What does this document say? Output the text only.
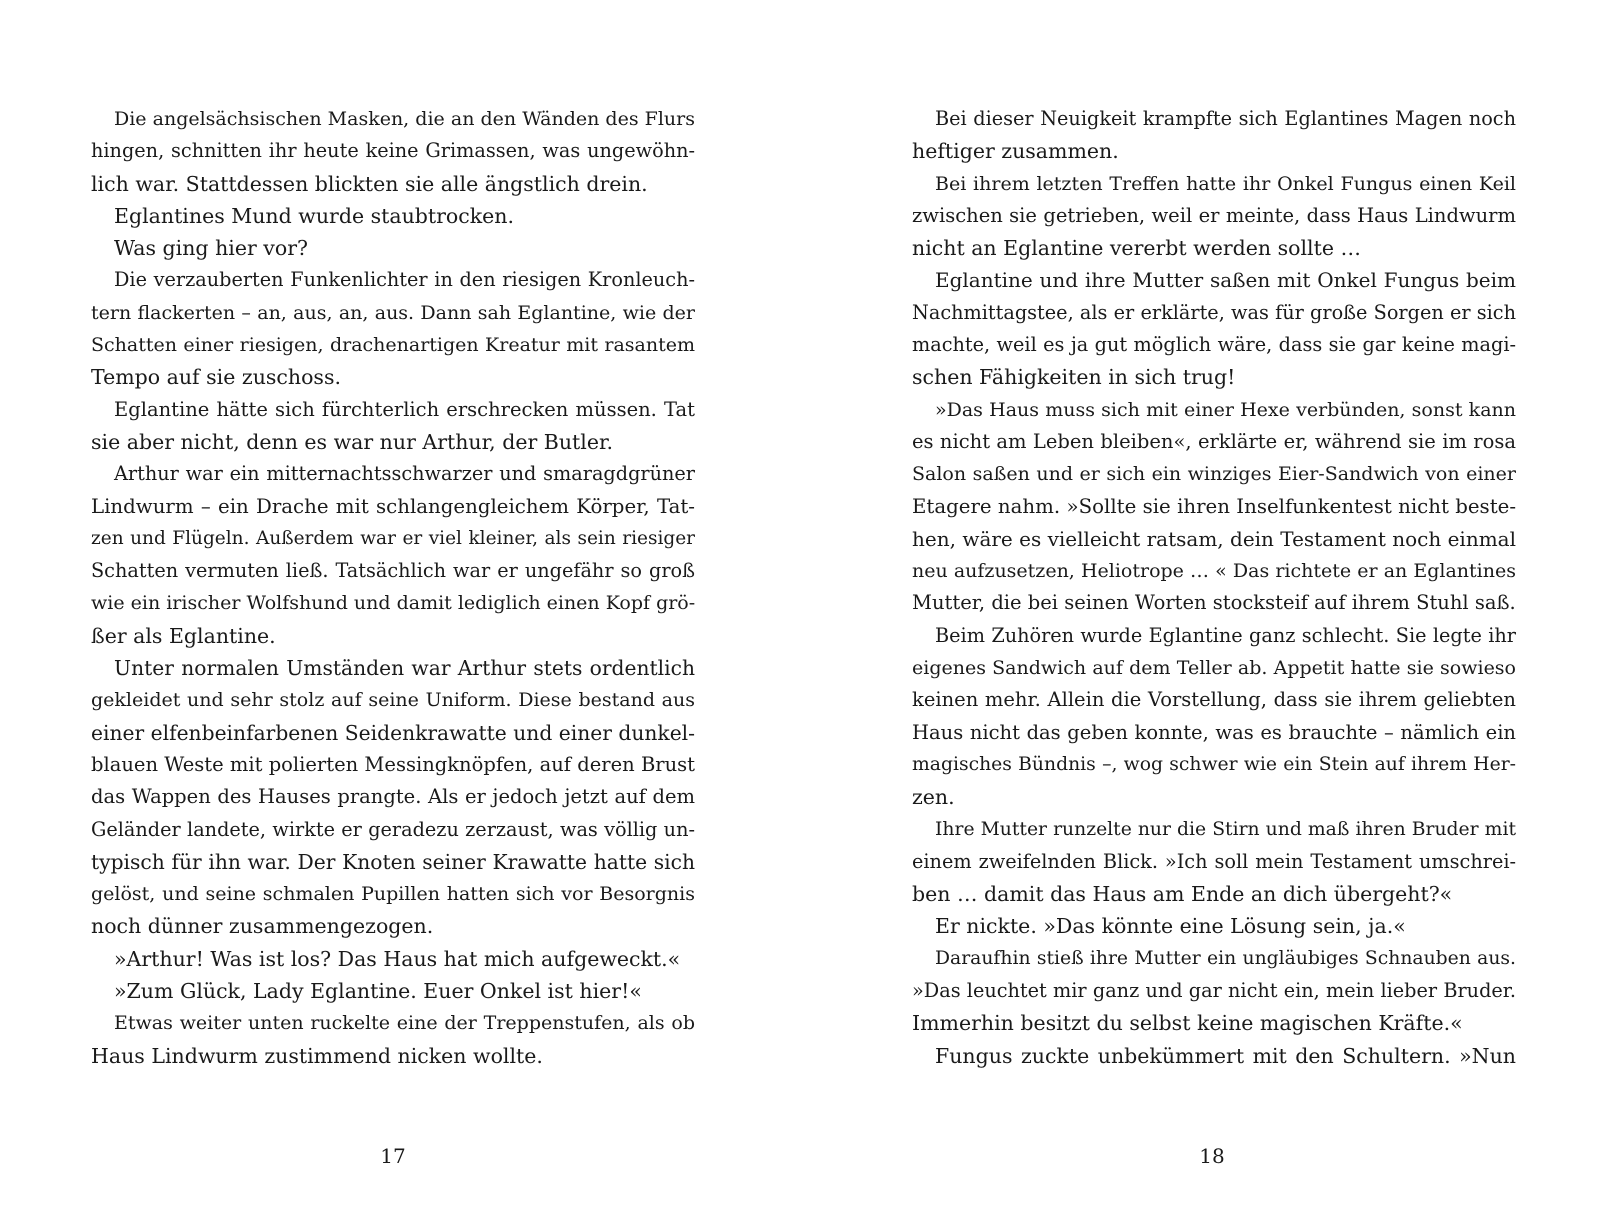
Die angelsächsischen Masken, die an den Wänden des Flurs
hingen, schnitten ihr heute keine Grimassen, was ungewöhn-
lich war. Stattdessen blickten sie alle ängstlich drein.
Eglantines Mund wurde staubtrocken.
Was ging hier vor?
Die verzauberten Funkenlichter in den riesigen Kronleuch-
tern flackerten – an, aus, an, aus. Dann sah Eglantine, wie der
Schatten einer riesigen, drachenartigen Kreatur mit rasantem
Tempo auf sie zuschoss.
Eglantine hätte sich fürchterlich erschrecken müssen. Tat
sie aber nicht, denn es war nur Arthur, der Butler.
Arthur war ein mitternachtsschwarzer und smaragdgrüner
Lindwurm – ein Drache mit schlangengleichem Körper, Tat-
zen und Flügeln. Außerdem war er viel kleiner, als sein riesiger
Schatten vermuten ließ. Tatsächlich war er ungefähr so groß
wie ein irischer Wolfshund und damit lediglich einen Kopf grö-
ßer als Eglantine.
Unter normalen Umständen war Arthur stets ordentlich
gekleidet und sehr stolz auf seine Uniform. Diese bestand aus
einer elfenbeinfarbenen Seidenkrawatte und einer dunkel-
blauen Weste mit polierten Messingknöpfen, auf deren Brust
das Wappen des Hauses prangte. Als er jedoch jetzt auf dem
Geländer landete, wirkte er geradezu zerzaust, was völlig un-
typisch für ihn war. Der Knoten seiner Krawatte hatte sich
gelöst, und seine schmalen Pupillen hatten sich vor Besorgnis
noch dünner zusammengezogen.
»Arthur! Was ist los? Das Haus hat mich aufgeweckt.«
»Zum Glück, Lady Eglantine. Euer Onkel ist hier!«
Etwas weiter unten ruckelte eine der Treppenstufen, als ob
Haus Lindwurm zustimmend nicken wollte.
Bei dieser Neuigkeit krampfte sich Eglantines Magen noch
heftiger zusammen.
Bei ihrem letzten Treffen hatte ihr Onkel Fungus einen Keil
zwischen sie getrieben, weil er meinte, dass Haus Lindwurm
nicht an Eglantine vererbt werden sollte …
Eglantine und ihre Mutter saßen mit Onkel Fungus beim
Nachmittagstee, als er erklärte, was für große Sorgen er sich
machte, weil es ja gut möglich wäre, dass sie gar keine magi-
schen Fähigkeiten in sich trug!
»Das Haus muss sich mit einer Hexe verbünden, sonst kann
es nicht am Leben bleiben«, erklärte er, während sie im rosa
Salon saßen und er sich ein winziges Eier-Sandwich von einer
Etagere nahm. »Sollte sie ihren Inselfunkentest nicht beste-
hen, wäre es vielleicht ratsam, dein Testament noch einmal
neu aufzusetzen, Heliotrope … « Das richtete er an Eglantines
Mutter, die bei seinen Worten stocksteif auf ihrem Stuhl saß.
Beim Zuhören wurde Eglantine ganz schlecht. Sie legte ihr
eigenes Sandwich auf dem Teller ab. Appetit hatte sie sowieso
keinen mehr. Allein die Vorstellung, dass sie ihrem geliebten
Haus nicht das geben konnte, was es brauchte – nämlich ein
magisches Bündnis –, wog schwer wie ein Stein auf ihrem Her-
zen.
Ihre Mutter runzelte nur die Stirn und maß ihren Bruder mit
einem zweifelnden Blick. »Ich soll mein Testament umschrei-
ben … damit das Haus am Ende an dich übergeht?«
Er nickte. »Das könnte eine Lösung sein, ja.«
Daraufhin stieß ihre Mutter ein ungläubiges Schnauben aus.
»Das leuchtet mir ganz und gar nicht ein, mein lieber Bruder.
Immerhin besitzt du selbst keine magischen Kräfte.«
Fungus zuckte unbekümmert mit den Schultern. »Nun
17	18
